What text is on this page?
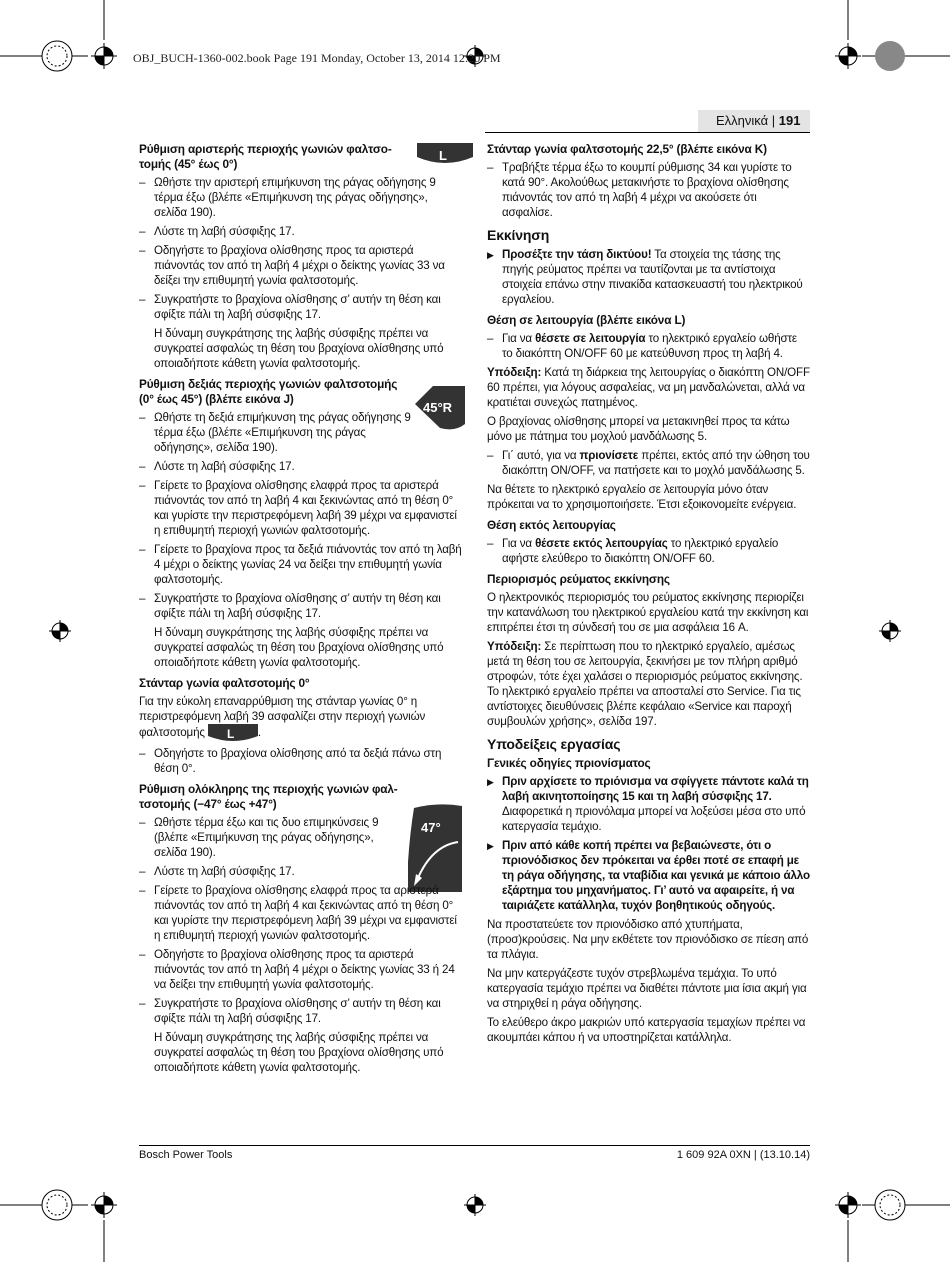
OBJ_BUCH-1360-002.book Page 191 Monday, October 13, 2014 12:20 PM
Ελληνικά | 191
L
45°R
47°
Ρύθμιση αριστερής περιοχής γωνιών φαλτσο-τομής (45° έως 0°)

– Ωθήστε την αριστερή επιμήκυνση της ράγας οδήγησης 9 τέρμα έξω (βλέπε «Επιμήκυνση της ράγας οδήγησης», σελίδα 190).

– Λύστε τη λαβή σύσφιξης 17.

– Οδηγήστε το βραχίονα ολίσθησης προς τα αριστερά πιάνοντάς τον από τη λαβή 4 μέχρι ο δείκτης γωνίας 33 να δείξει την επιθυμητή γωνία φαλτσοτομής.

– Συγκρατήστε το βραχίονα ολίσθησης σ’ αυτήν τη θέση και σφίξτε πάλι τη λαβή σύσφιξης 17.

Η δύναμη συγκράτησης της λαβής σύσφιξης πρέπει να συγκρατεί ασφαλώς τη θέση του βραχίονα ολίσθησης υπό οποιαδήποτε κάθετη γωνία φαλτσοτομής.

Ρύθμιση δεξιάς περιοχής γωνιών φαλτσοτομής (0° έως 45°) (βλέπε εικόνα J)

– Ωθήστε τη δεξιά επιμήκυνση της ράγας οδήγησης 9 τέρμα έξω (βλέπε «Επιμήκυνση της ράγας οδήγησης», σελίδα 190).

– Λύστε τη λαβή σύσφιξης 17.

– Γείρετε το βραχίονα ολίσθησης ελαφρά προς τα αριστερά πιάνοντάς τον από τη λαβή 4 και ξεκινώντας από τη θέση 0° και γυρίστε την περιστρεφόμενη λαβή 39 μέχρι να εμφανιστεί η επιθυμητή περιοχή γωνιών φαλτσοτομής.

– Γείρετε το βραχίονα προς τα δεξιά πιάνοντάς τον από τη λαβή 4 μέχρι ο δείκτης γωνίας 24 να δείξει την επιθυμητή γωνία φαλτσοτομής.

– Συγκρατήστε το βραχίονα ολίσθησης σ’ αυτήν τη θέση και σφίξτε πάλι τη λαβή σύσφιξης 17.

Η δύναμη συγκράτησης της λαβής σύσφιξης πρέπει να συγκρατεί ασφαλώς τη θέση του βραχίονα ολίσθησης υπό οποιαδήποτε κάθετη γωνία φαλτσοτομής.

Στάνταρ γωνία φαλτσοτομής 0°

Για την εύκολη επαναρρύθμιση της στάνταρ γωνίας 0° η περιστρεφόμενη λαβή 39 ασφαλίζει στην περιοχή γωνιών φαλτσοτομής L .

– Οδηγήστε το βραχίονα ολίσθησης από τα δεξιά πάνω στη θέση 0°.

Ρύθμιση ολόκληρης της περιοχής γωνιών φαλ-τσοτομής (−47° έως +47°)

– Ωθήστε τέρμα έξω και τις δυο επιμηκύνσεις 9 (βλέπε «Επιμήκυνση της ράγας οδήγησης», σελίδα 190).

– Λύστε τη λαβή σύσφιξης 17.

– Γείρετε το βραχίονα ολίσθησης ελαφρά προς τα αριστερά πιάνοντάς τον από τη λαβή 4 και ξεκινώντας από τη θέση 0° και γυρίστε την περιστρεφόμενη λαβή 39 μέχρι να εμφανιστεί η επιθυμητή περιοχή γωνιών φαλτσοτομής.

– Οδηγήστε το βραχίονα ολίσθησης προς τα αριστερά πιάνοντάς τον από τη λαβή 4 μέχρι ο δείκτης γωνίας 33 ή 24 να δείξει την επιθυμητή γωνία φαλτσοτομής.

– Συγκρατήστε το βραχίονα ολίσθησης σ’ αυτήν τη θέση και σφίξτε πάλι τη λαβή σύσφιξης 17.

Η δύναμη συγκράτησης της λαβής σύσφιξης πρέπει να συγκρατεί ασφαλώς τη θέση του βραχίονα ολίσθησης υπό οποιαδήποτε κάθετη γωνία φαλτσοτομής.

Στάνταρ γωνία φαλτσοτομής 22,5° (βλέπε εικόνα K)

– Τραβήξτε τέρμα έξω το κουμπί ρύθμισης 34 και γυρίστε το κατά 90°. Ακολούθως μετακινήστε το βραχίονα ολίσθησης πιάνοντάς τον από τη λαβή 4 μέχρι να ακούσετε ότι ασφαλίσε.

Εκκίνηση

▶ Προσέξτε την τάση δικτύου! Τα στοιχεία της τάσης της πηγής ρεύματος πρέπει να ταυτίζονται με τα αντίστοιχα στοιχεία επάνω στην πινακίδα κατασκευαστή του ηλεκτρικού εργαλείου.

Θέση σε λειτουργία (βλέπε εικόνα L)

– Για να θέσετε σε λειτουργία το ηλεκτρικό εργαλείο ωθήστε το διακόπτη ON/OFF 60 με κατεύθυνση προς τη λαβή 4.

Υπόδειξη: Κατά τη διάρκεια της λειτουργίας ο διακόπτη ON/OFF 60 πρέπει, για λόγους ασφαλείας, να μη μανδαλώνεται, αλλά να κρατιέται συνεχώς πατημένος.

Ο βραχίονας ολίσθησης μπορεί να μετακινηθεί προς τα κάτω μόνο με πάτημα του μοχλού μανδάλωσης 5.

– Γι΄ αυτό, για να πριονίσετε πρέπει, εκτός από την ώθηση του διακόπτη ON/OFF, να πατήσετε και το μοχλό μανδάλωσης 5.

Να θέτετε το ηλεκτρικό εργαλείο σε λειτουργία μόνο όταν πρόκειται να το χρησιμοποιήσετε. Έτσι εξοικονομείτε ενέργεια.

Θέση εκτός λειτουργίας

– Για να θέσετε εκτός λειτουργίας το ηλεκτρικό εργαλείο αφήστε ελεύθερο το διακόπτη ON/OFF 60.

Περιορισμός ρεύματος εκκίνησης

Ο ηλεκτρονικός περιορισμός του ρεύματος εκκίνησης περιορίζει την κατανάλωση του ηλεκτρικού εργαλείου κατά την εκκίνηση και επιτρέπει έτσι τη σύνδεσή του σε μια ασφάλεια 16 A.

Υπόδειξη: Σε περίπτωση που το ηλεκτρικό εργαλείο, αμέσως μετά τη θέση του σε λειτουργία, ξεκινήσει με τον πλήρη αριθμό στροφών, τότε έχει χαλάσει ο περιορισμός ρεύματος εκκίνησης. Το ηλεκτρικό εργαλείο πρέπει να αποσταλεί στο Service. Για τις αντίστοιχες διευθύνσεις βλέπε κεφάλαιο «Service και παροχή συμβουλών χρήσης», σελίδα 197.

Υποδείξεις εργασίας
Γενικές οδηγίες πριονίσματος

▶ Πριν αρχίσετε το πριόνισμα να σφίγγετε πάντοτε καλά τη λαβή ακινητοποίησης 15 και τη λαβή σύσφιξης 17. Διαφορετικά η πριονόλαμα μπορεί να λοξεύσει μέσα στο υπό κατεργασία τεμάχιο.

▶ Πριν από κάθε κοπή πρέπει να βεβαιώνεστε, ότι ο πριονόδισκος δεν πρόκειται να έρθει ποτέ σε επαφή με τη ράγα οδήγησης, τα νταβίδια και γενικά με κάποιο άλλο εξάρτημα του μηχανήματος. Γι’ αυτό να αφαιρείτε, ή να ταιριάζετε κατάλληλα, τυχόν βοηθητικούς οδηγούς.

Να προστατεύετε τον πριονόδισκο από χτυπήματα, (προσ)κρούσεις. Να μην εκθέτετε τον πριονόδισκο σε πίεση από τα πλάγια.

Να μην κατεργάζεστε τυχόν στρεβλωμένα τεμάχια. Το υπό κατεργασία τεμάχιο πρέπει να διαθέτει πάντοτε μια ίσια ακμή για να στηριχθεί η ράγα οδήγησης.

Το ελεύθερο άκρο μακριών υπό κατεργασία τεμαχίων πρέπει να ακουμπάει κάπου ή να υποστηρίζεται κατάλληλα.

Bosch Power Tools	1 609 92A 0XN | (13.10.14)
